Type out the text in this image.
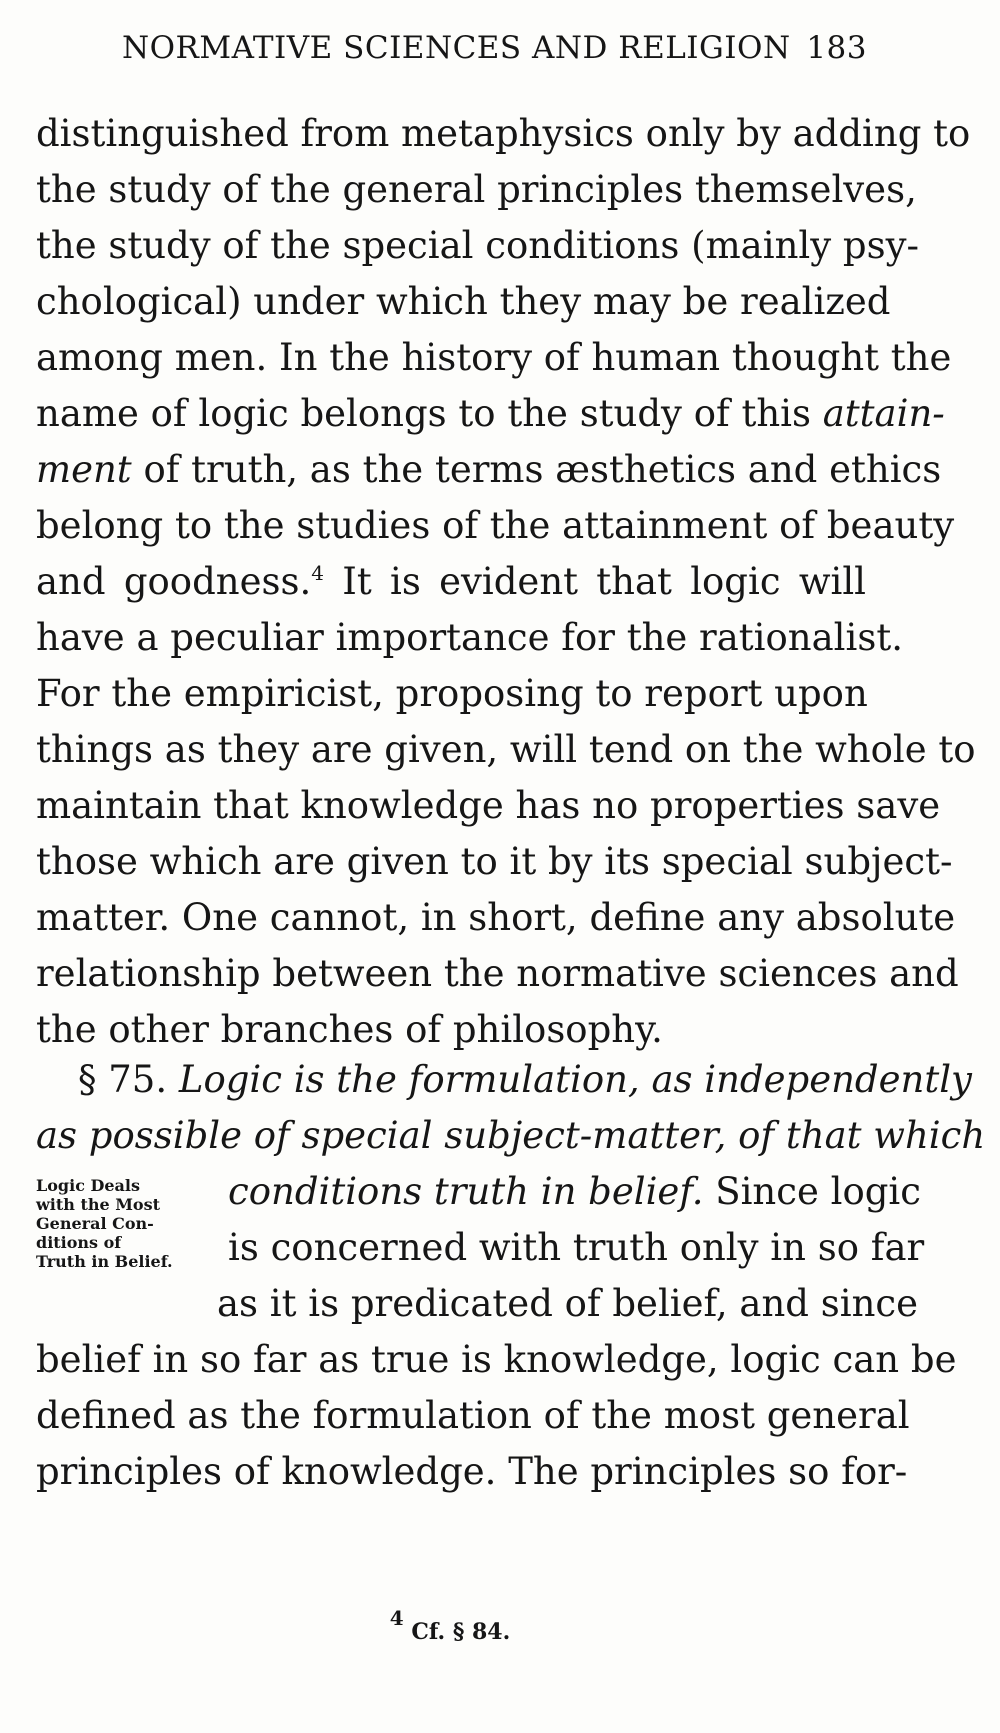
NORMATIVE SCIENCES AND RELIGION 183
distinguished from metaphysics only by adding to
the study of the general principles themselves,
the study of the special conditions (mainly psy-
chological) under which they may be realized
among men. In the history of human thought the
name of logic belongs to the study of this attain-
ment of truth, as the terms æsthetics and ethics
belong to the studies of the attainment of beauty
and goodness.$^4$ It is evident that logic will
have a peculiar importance for the rationalist.
For the empiricist, proposing to report upon
things as they are given, will tend on the whole to
maintain that knowledge has no properties save
those which are given to it by its special subject-
matter. One cannot, in short, define any absolute
relationship between the normative sciences and
the other branches of philosophy.
§ 75. Logic is the formulation, as independently
as possible of special subject-matter, of that which
conditions truth in belief. Since logic
is concerned with truth only in so far
as it is predicated of belief, and since
belief in so far as true is knowledge, logic can be
defined as the formulation of the most general
principles of knowledge. The principles so for-
Logic Deals
with the Most
General Con-
ditions of
Truth in Belief.
$^4$ Cf. § 84.
